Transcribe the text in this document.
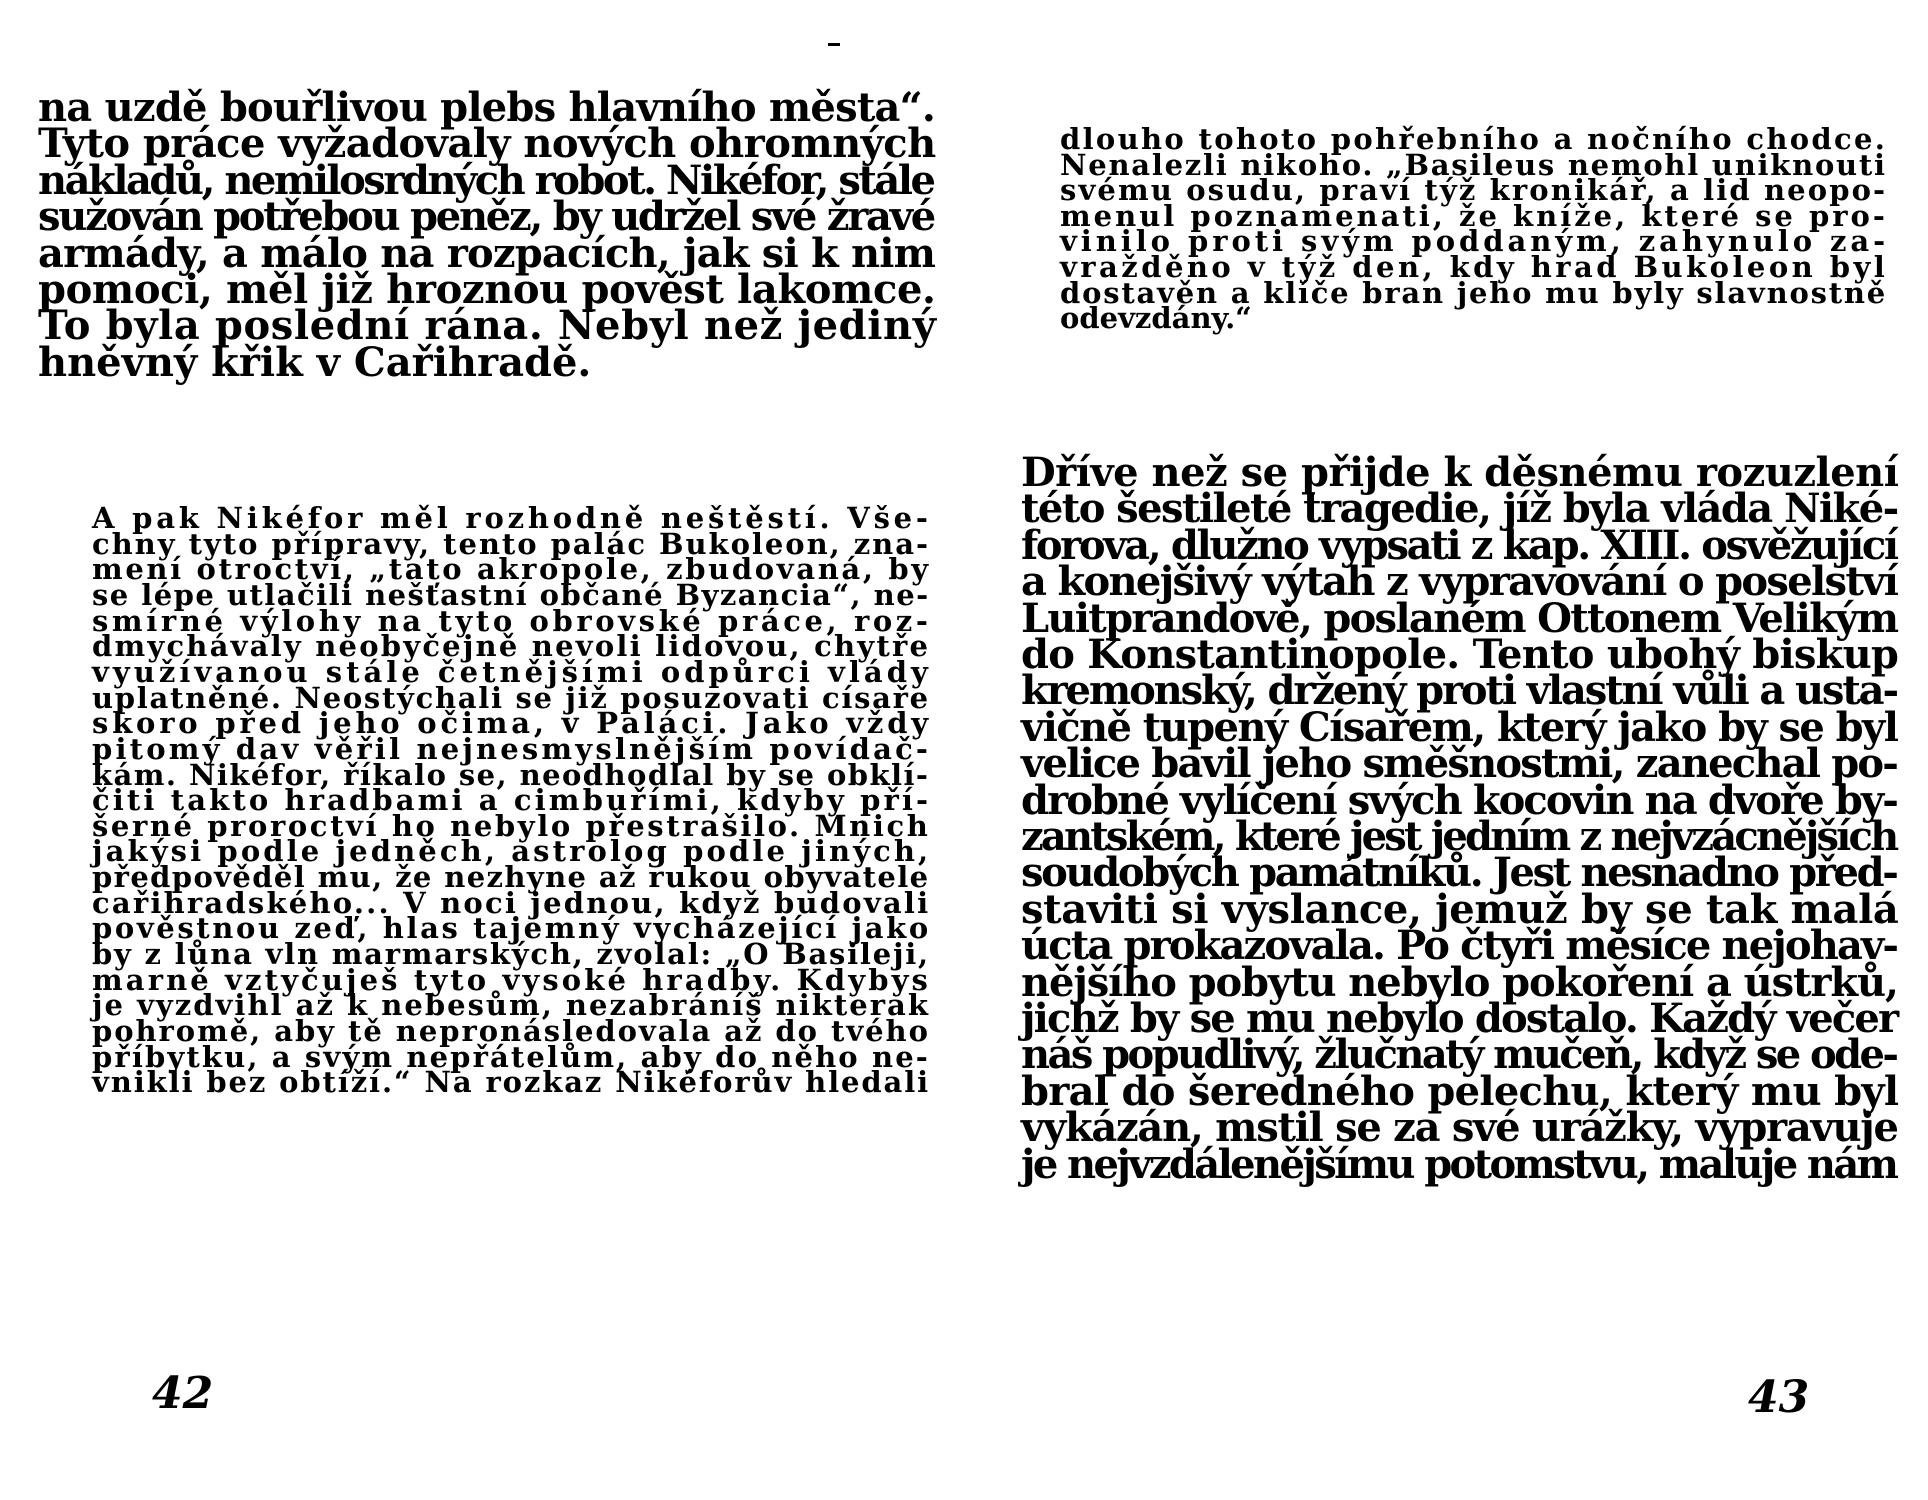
na uzdě bouřlivou plebs hlavního města“.
Tyto práce vyžadovaly nových ohromných
nákladů, nemilosrdných robot. Nikéfor, stále
sužován potřebou peněz, by udržel své žravé
armády, a málo na rozpacích, jak si k nim
pomoci, měl již hroznou pověst lakomce.
To byla poslední rána. Nebyl než jediný
hněvný křik v Cařihradě.
A pak Nikéfor měl rozhodně neštěstí. Vše-
chny tyto přípravy, tento palác Bukoleon, zna-
mení otroctví, „tato akropole, zbudovaná, by
se lépe utlačili nešťastní občané Byzancia“, ne-
smírné výlohy na tyto obrovské práce, roz-
dmychávaly neobyčejně nevoli lidovou, chytře
využívanou stále četnějšími odpůrci vlády
uplatněné. Neostýchali se již posuzovati císaře
skoro před jeho očima, v Paláci. Jako vždy
pitomý dav věřil nejnesmyslnějším povídač-
kám. Nikéfor, říkalo se, neodhodlal by se obklí-
čiti takto hradbami a cimbuřími, kdyby pří-
šerné proroctví ho nebylo přestrašilo. Mnich
jakýsi podle jedněch, astrolog podle jiných,
předpověděl mu, že nezhyne až rukou obyvatele
cařihradského... V noci jednou, když budovali
pověstnou zeď, hlas tajemný vycházející jako
by z lůna vln marmarských, zvolal: „O Basileji,
marně vztyčuješ tyto vysoké hradby. Kdybys
je vyzdvihl až k nebesům, nezabráníš nikterak
pohromě, aby tě nepronásledovala až do tvého
příbytku, a svým nepřátelům, aby do něho ne-
vnikli bez obtíží.“ Na rozkaz Nikéforův hledali
42
dlouho tohoto pohřebního a nočního chodce.
Nenalezli nikoho. „Basileus nemohl uniknouti
svému osudu, praví týž kronikář, a lid neopo-
menul poznamenati, že kníže, které se pro-
vinilo proti svým poddaným, zahynulo za-
vražděno v týž den, kdy hrad Bukoleon byl
dostavěn a klíče bran jeho mu byly slavnostně
odevzdány.“
Dříve než se přijde k děsnému rozuzlení
této šestileté tragedie, jíž byla vláda Niké-
forova, dlužno vypsati z kap. XIII. osvěžující
a konejšivý výtah z vypravování o poselství
Luitprandově, poslaném Ottonem Velikým
do Konstantinopole. Tento ubohý biskup
kremonský, držený proti vlastní vůli a usta-
vičně tupený Císařem, který jako by se byl
velice bavil jeho směšnostmi, zanechal po-
drobné vylíčení svých kocovin na dvoře by-
zantském, které jest jedním z nejvzácnějších
soudobých památníků. Jest nesnadno před-
staviti si vyslance, jemuž by se tak malá
úcta prokazovala. Po čtyři měsíce nejohav-
nějšího pobytu nebylo pokoření a ústrků,
jichž by se mu nebylo dostalo. Každý večer
náš popudlivý, žlučnatý mučeň, když se ode-
bral do šeredného pelechu, který mu byl
vykázán, mstil se za své urážky, vypravuje
je nejvzdálenějšímu potomstvu, maluje nám
43
